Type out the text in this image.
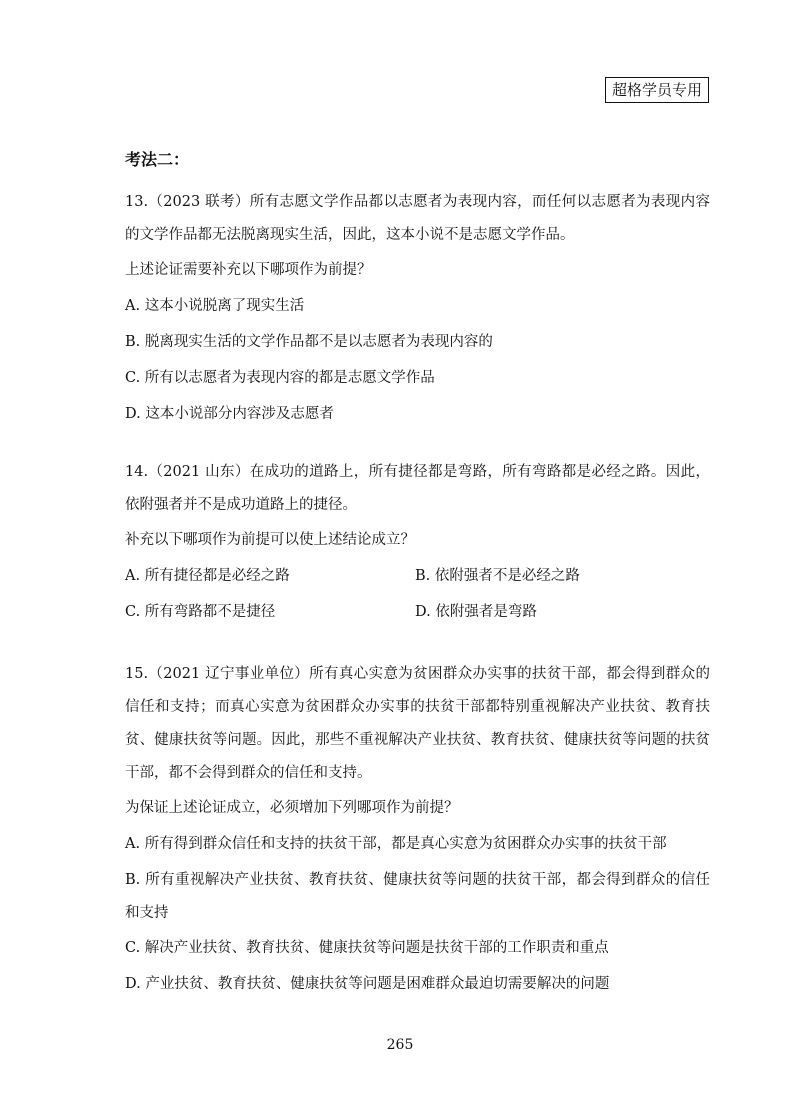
超格学员专用
考法二：

13.（2023 联考）所有志愿文学作品都以志愿者为表现内容，而任何以志愿者为表现内容的文学作品都无法脱离现实生活，因此，这本小说不是志愿文学作品。

上述论证需要补充以下哪项作为前提？

A. 这本小说脱离了现实生活

B. 脱离现实生活的文学作品都不是以志愿者为表现内容的

C. 所有以志愿者为表现内容的都是志愿文学作品

D. 这本小说部分内容涉及志愿者

14.（2021 山东）在成功的道路上，所有捷径都是弯路，所有弯路都是必经之路。因此，依附强者并不是成功道路上的捷径。

补充以下哪项作为前提可以使上述结论成立？

A. 所有捷径都是必经之路	B. 依附强者不是必经之路
C. 所有弯路都不是捷径	D. 依附强者是弯路

15.（2021 辽宁事业单位）所有真心实意为贫困群众办实事的扶贫干部，都会得到群众的信任和支持；而真心实意为贫困群众办实事的扶贫干部都特别重视解决产业扶贫、教育扶贫、健康扶贫等问题。因此，那些不重视解决产业扶贫、教育扶贫、健康扶贫等问题的扶贫干部，都不会得到群众的信任和支持。

为保证上述论证成立，必须增加下列哪项作为前提？

A. 所有得到群众信任和支持的扶贫干部，都是真心实意为贫困群众办实事的扶贫干部

B. 所有重视解决产业扶贫、教育扶贫、健康扶贫等问题的扶贫干部，都会得到群众的信任和支持

C. 解决产业扶贫、教育扶贫、健康扶贫等问题是扶贫干部的工作职责和重点

D. 产业扶贫、教育扶贫、健康扶贫等问题是困难群众最迫切需要解决的问题

265
